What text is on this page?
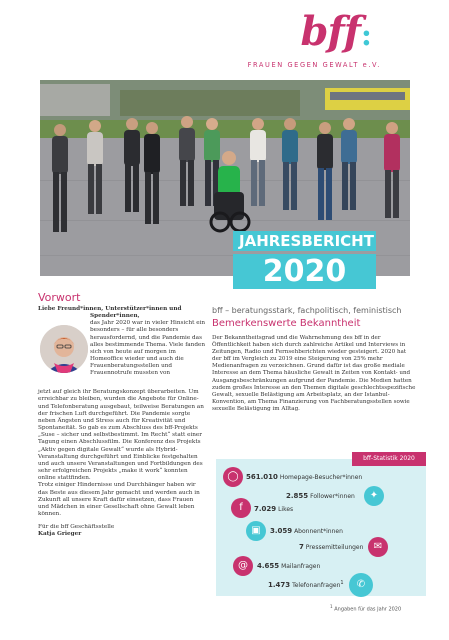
bff:
FRAUEN GEGEN GEWALT e.V.
JAHRESBERICHT
2020
Vorwort

Liebe Freund*innen, Unterstützer*innen und

Spender*innen,

das Jahr 2020 war in vieler Hinsicht ein besonders – für alle besonders herausfordernd, und die Pandemie das alles bestimmende Thema. Viele fanden sich von heute auf morgen im Homeoffice wieder und auch die Frauenberatungsstellen und Frauennotrufe mussten von

jetzt auf gleich ihr Beratungskonzept überarbeiten. Um erreichbar zu bleiben, wurden die Angebote für Online- und Telefonberatung ausgebaut, teilweise Beratungen an der frischen Luft durchgeführt. Die Pandemie sorgte neben Ängsten und Stress auch für Kreativität und Spontaneität. So gab es zum Abschluss des bff-Projekts „Suse – sicher und selbstbestimmt. Im Recht“ statt einer Tagung einen Abschlussfilm. Die Konferenz des Projekts „Aktiv gegen digitale Gewalt“ wurde als Hybrid-Veranstaltung durchgeführt und Einblicke festgehalten und auch unsere Veranstaltungen und Fortbildungen des sehr erfolgreichen Projekts „make it work“ konnten online stattfinden.

Trotz einiger Hindernisse und Durchhänger haben wir das Beste aus diesem Jahr gemacht und werden auch in Zukunft all unsere Kraft dafür einsetzen, dass Frauen und Mädchen in einer Gesellschaft ohne Gewalt leben können.

Für die bff Geschäftsstelle

Katja Grieger

bff – beratungsstark, fachpolitisch, feministisch
Bemerkenswerte Bekanntheit

Der Bekanntheitsgrad und die Wahrnehmung des bff in der Öffentlichkeit haben sich durch zahlreiche Artikel und Interviews in Zeitungen, Radio und Fernsehberichten wieder gesteigert. 2020 hat der bff im Vergleich zu 2019 eine Steigerung von 25% mehr Medienanfragen zu verzeichnen. Grund dafür ist das große mediale Interesse an dem Thema häusliche Gewalt in Zeiten von Kontakt- und Ausgangsbeschränkungen aufgrund der Pandemie. Die Medien hatten zudem großes Interesse an den Themen digitale geschlechtsspezifische Gewalt, sexuelle Belästigung am Arbeitsplatz, an der Istanbul-Konvention, am Thema Finanzierung von Fachberatungsstellen sowie sexuelle Belästigung im Alltag.

bff-Statistik 2020
◯	561.010 Homepage-Besucher*innen
✦
2.855 Follower*innen
f	7.029 Likes
▣	3.059 Abonnent*innen
✉
7 Pressemitteilungen
@	4.655 Mailanfragen
✆
1.473 Telefonanfragen$^1$
$^1$ Angaben für das Jahr 2020
